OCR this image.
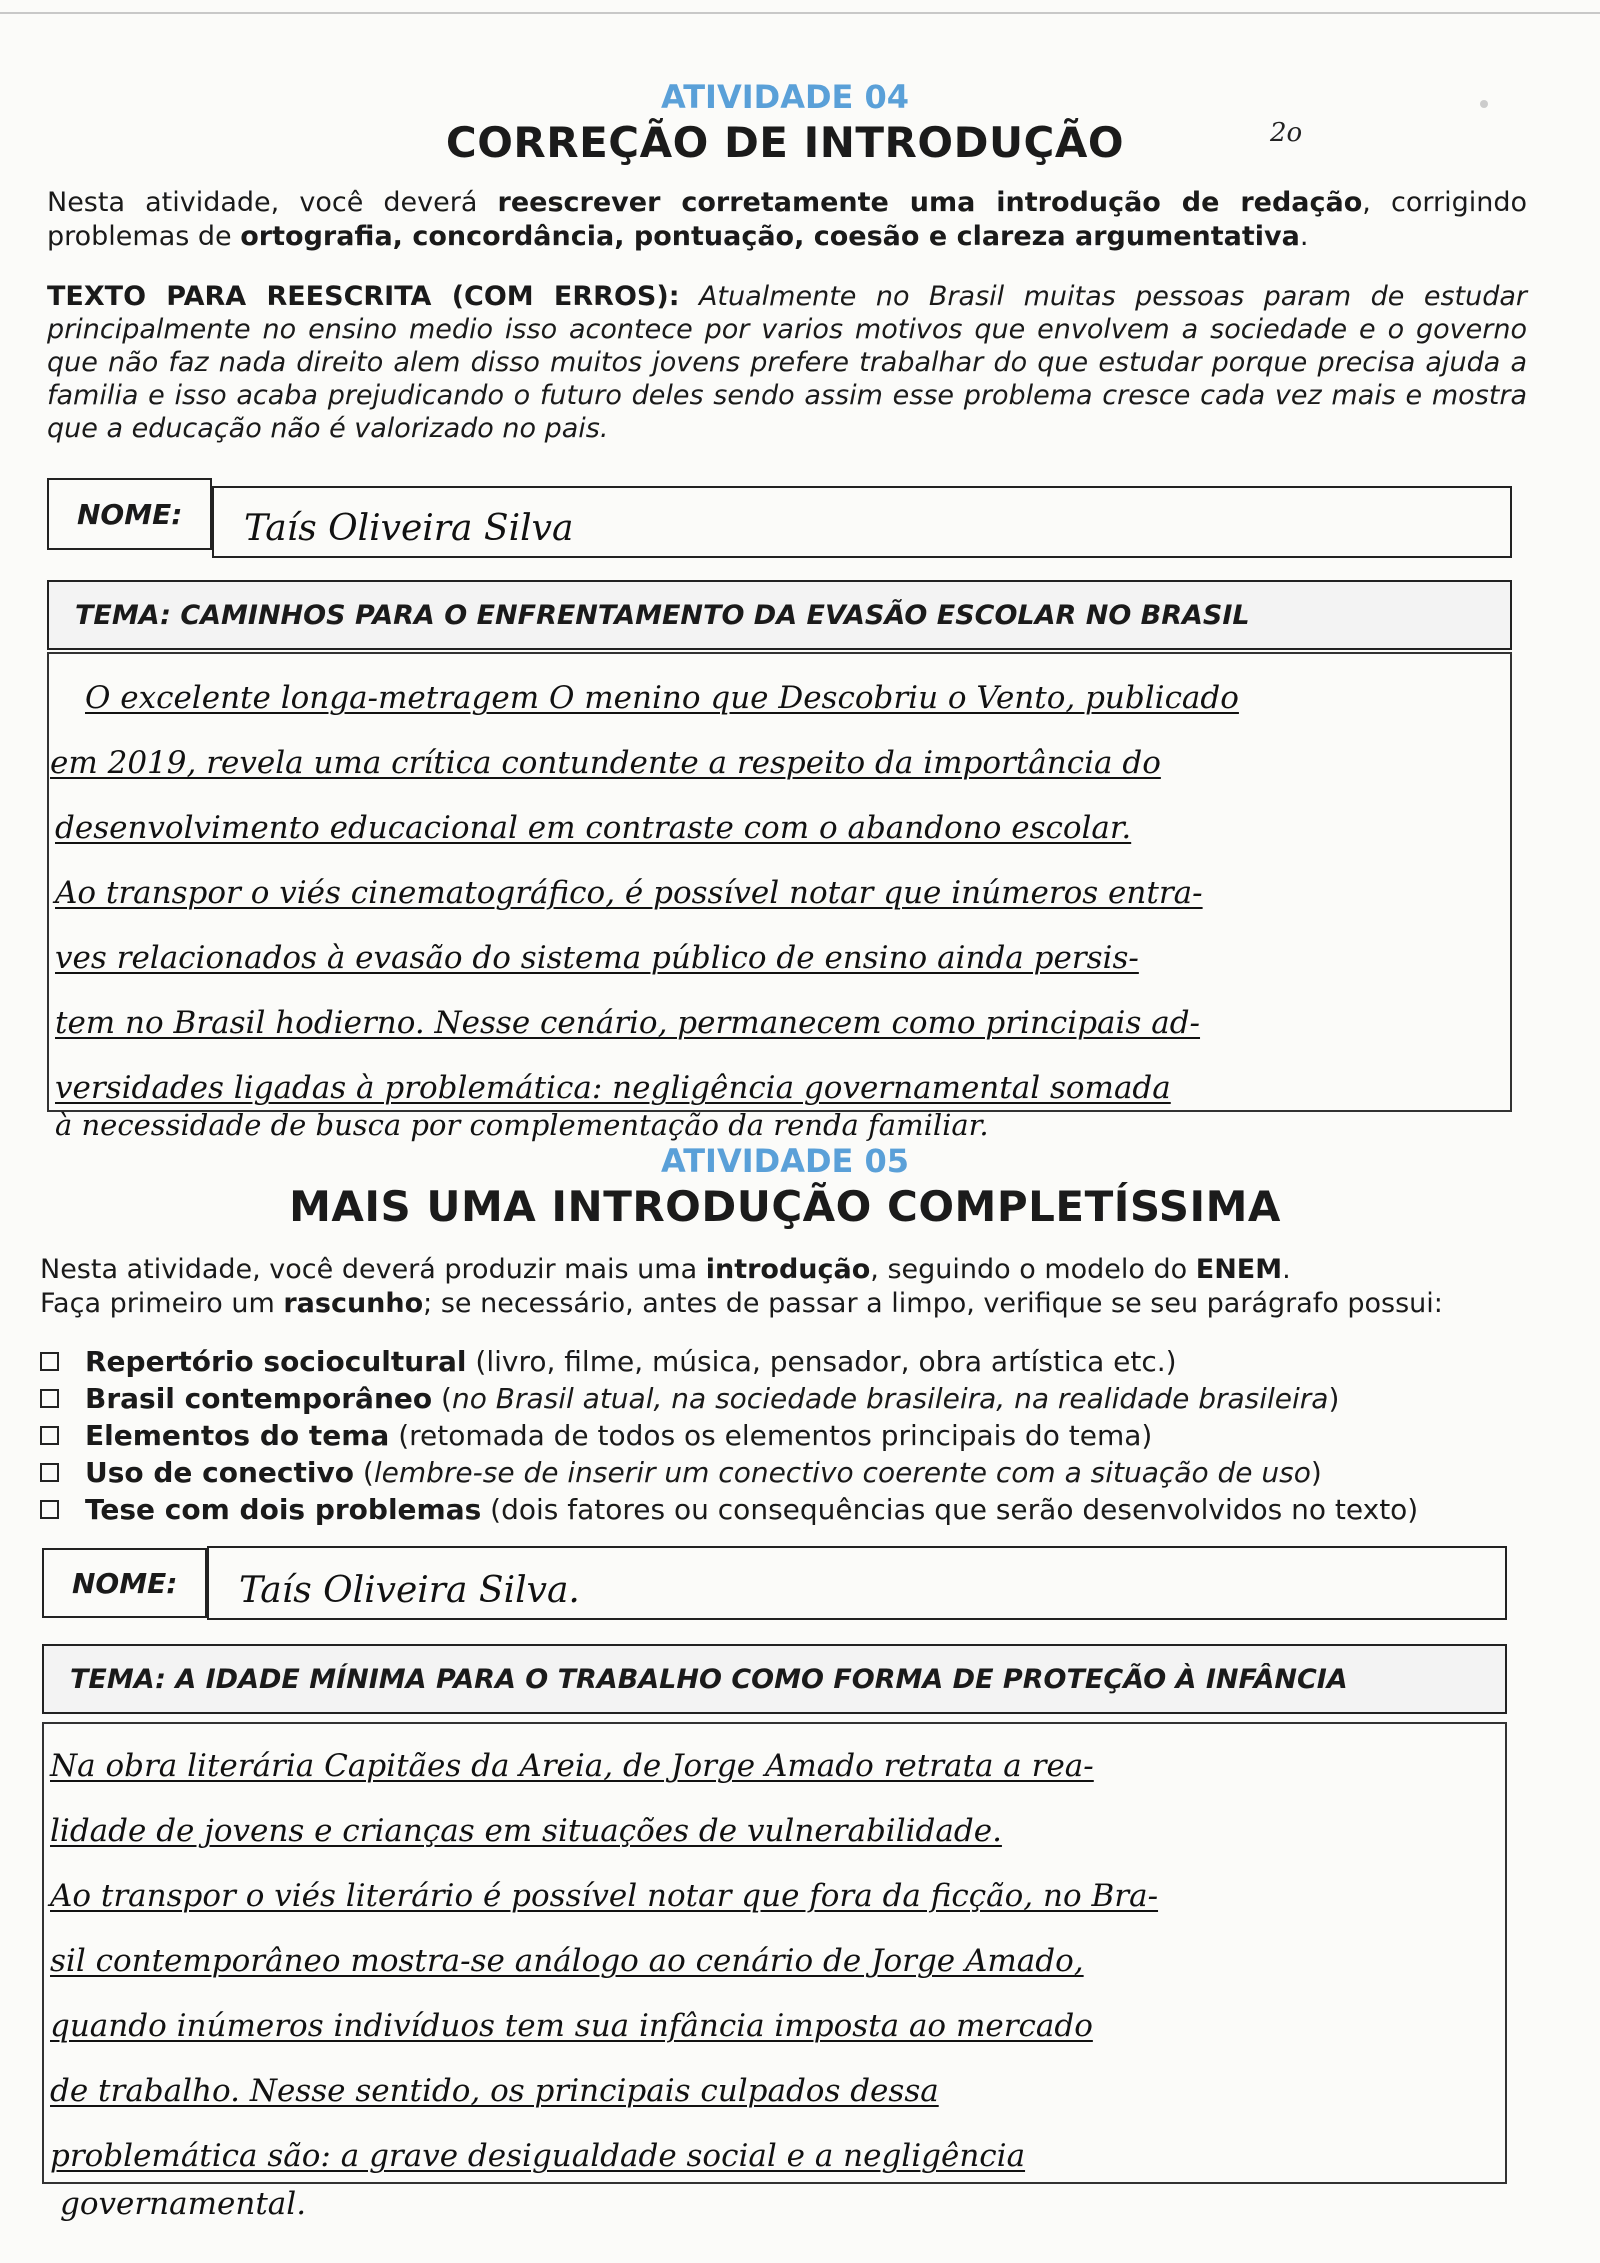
ATIVIDADE 04
CORREÇÃO DE INTRODUÇÃO	2o
Nesta atividade, você deverá reescrever corretamente uma introdução de redação, corrigindo problemas de ortografia, concordância, pontuação, coesão e clareza argumentativa.
TEXTO PARA REESCRITA (COM ERROS): Atualmente no Brasil muitas pessoas param de estudar principalmente no ensino medio isso acontece por varios motivos que envolvem a sociedade e o governo que não faz nada direito alem disso muitos jovens prefere trabalhar do que estudar porque precisa ajuda a familia e isso acaba prejudicando o futuro deles sendo assim esse problema cresce cada vez mais e mostra que a educação não é valorizado no pais.
NOME: Taís Oliveira Silva
TEMA: CAMINHOS PARA O ENFRENTAMENTO DA EVASÃO ESCOLAR NO BRASIL
O excelente longa-metragem O menino que Descobriu o Vento, publicado
em 2019, revela uma crítica contundente a respeito da importância do
desenvolvimento educacional em contraste com o abandono escolar.
Ao transpor o viés cinematográfico, é possível notar que inúmeros entra-
ves relacionados à evasão do sistema público de ensino ainda persis-
tem no Brasil hodierno. Nesse cenário, permanecem como principais ad-
versidades ligadas à problemática: negligência governamental somada
à necessidade de busca por complementação da renda familiar.
ATIVIDADE 05
MAIS UMA INTRODUÇÃO COMPLETÍSSIMA
Nesta atividade, você deverá produzir mais uma introdução, seguindo o modelo do ENEM.
Faça primeiro um rascunho; se necessário, antes de passar a limpo, verifique se seu parágrafo possui:
Repertório sociocultural (livro, filme, música, pensador, obra artística etc.)
Brasil contemporâneo (no Brasil atual, na sociedade brasileira, na realidade brasileira)
Elementos do tema (retomada de todos os elementos principais do tema)
Uso de conectivo (lembre-se de inserir um conectivo coerente com a situação de uso)
Tese com dois problemas (dois fatores ou consequências que serão desenvolvidos no texto)
NOME: Taís Oliveira Silva.
TEMA: A IDADE MÍNIMA PARA O TRABALHO COMO FORMA DE PROTEÇÃO À INFÂNCIA
Na obra literária Capitães da Areia, de Jorge Amado retrata a rea-
lidade de jovens e crianças em situações de vulnerabilidade.
Ao transpor o viés literário é possível notar que fora da ficção, no Bra-
sil contemporâneo mostra-se análogo ao cenário de Jorge Amado,
quando inúmeros indivíduos tem sua infância imposta ao mercado
de trabalho. Nesse sentido, os principais culpados dessa
problemática são: a grave desigualdade social e a negligência
governamental.
